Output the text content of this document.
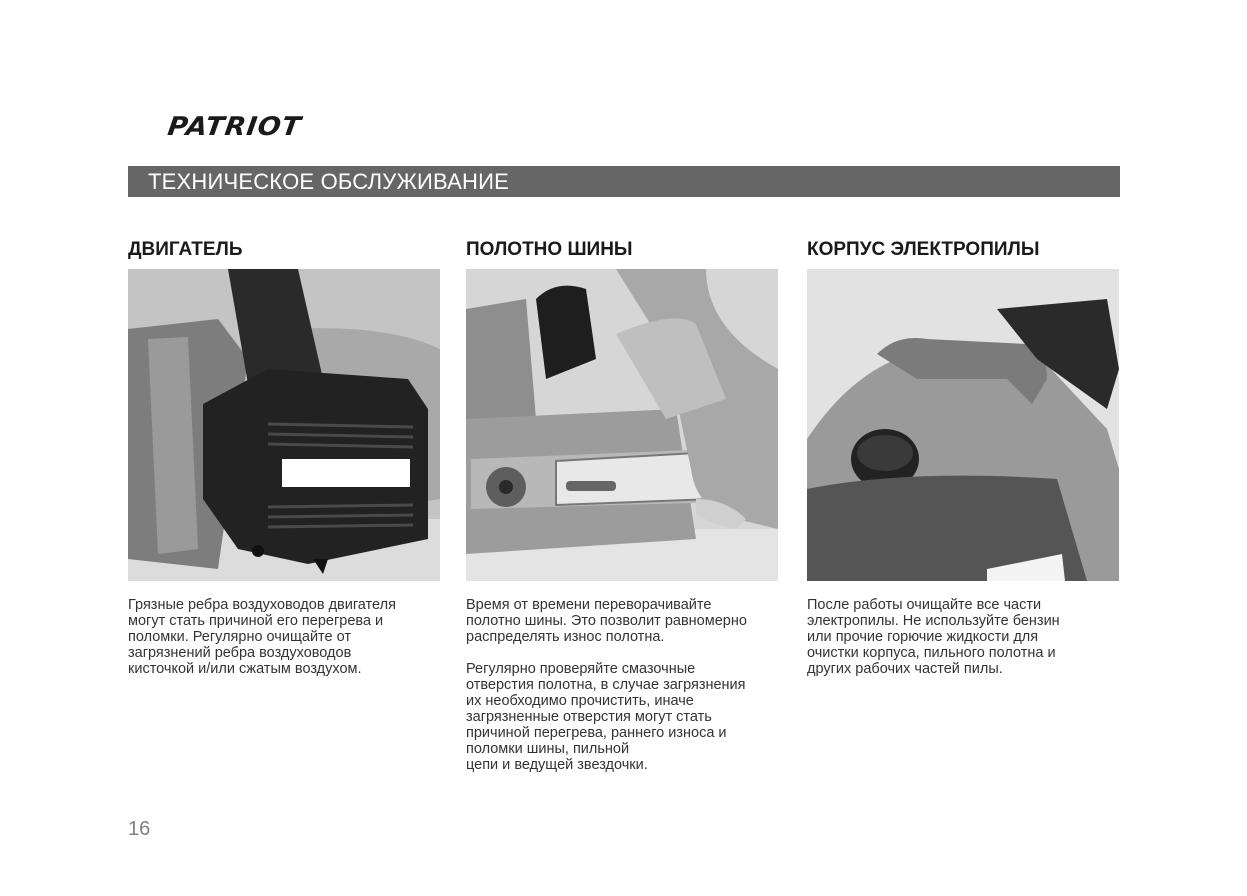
PATRIOT
ТЕХНИЧЕСКОЕ ОБСЛУЖИВАНИЕ
ДВИГАТЕЛЬ

Грязные ребра воздуховодов двигателя
могут стать причиной его перегрева и
поломки. Регулярно очищайте от
загрязнений ребра воздуховодов
кисточкой и/или сжатым воздухом.

ПОЛОТНО ШИНЫ

Время от времени переворачивайте
полотно шины. Это позволит равномерно
распределять износ полотна.

Регулярно проверяйте смазочные
отверстия полотна, в случае загрязнения
их необходимо прочистить, иначе
загрязненные отверстия могут стать
причиной перегрева, раннего износа и
поломки шины, пильной
цепи и ведущей звездочки.

КОРПУС ЭЛЕКТРОПИЛЫ

После работы очищайте все части
электропилы. Не используйте бензин
или прочие горючие жидкости для
очистки корпуса, пильного полотна и
других рабочих частей пилы.

16
